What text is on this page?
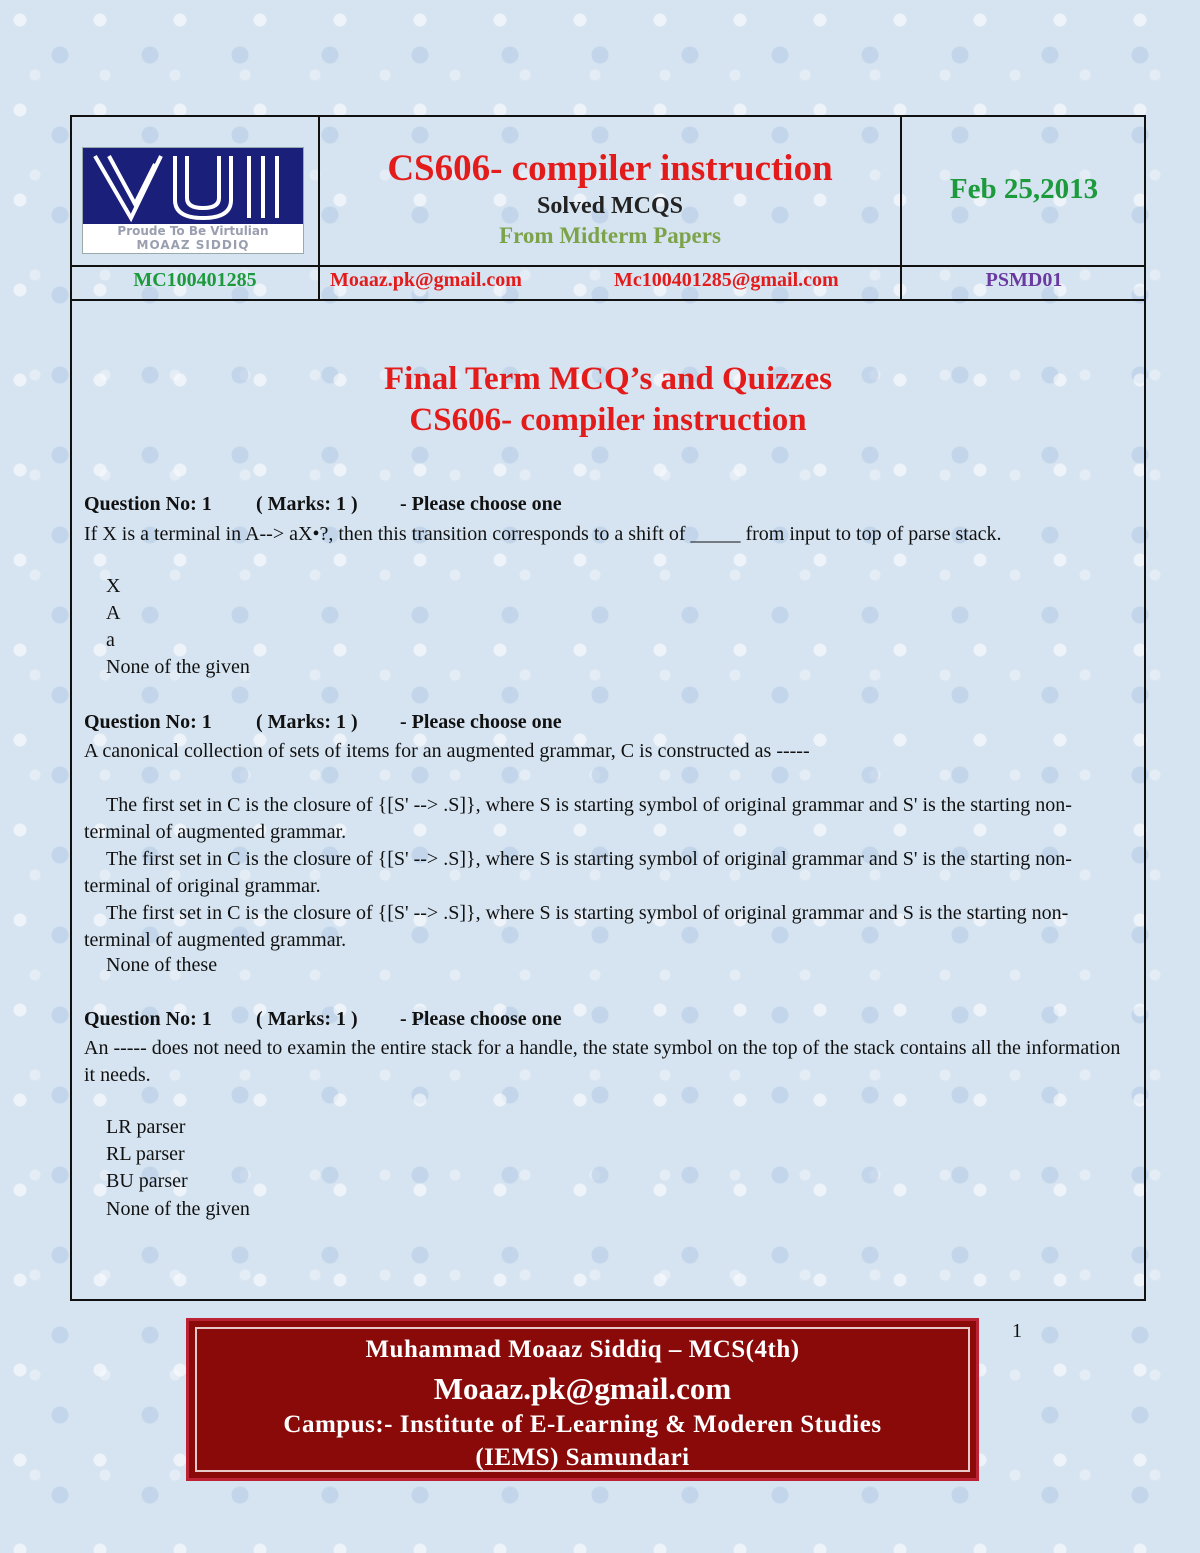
Proude To Be Virtulian
MOAAZ SIDDIQ
CS606- compiler instruction
Solved MCQS
From Midterm Papers
Feb 25,2013
MC100401285	Moaaz.pk@gmail.com	Mc100401285@gmail.com	PSMD01
Final Term MCQ’s and Quizzes
CS606- compiler instruction
Question No: 1 ( Marks: 1 ) - Please choose one
If X is a terminal in A--> aX•?, then this transition corresponds to a shift of _____ from input to top of parse stack.
X
A
a
None of the given
Question No: 1 ( Marks: 1 ) - Please choose one
A canonical collection of sets of items for an augmented grammar, C is constructed as -----
The first set in C is the closure of {[S' --> .S]}, where S is starting symbol of original grammar and S' is the starting non-terminal of augmented grammar.
The first set in C is the closure of {[S' --> .S]}, where S is starting symbol of original grammar and S' is the starting non-terminal of original grammar.
The first set in C is the closure of {[S' --> .S]}, where S is starting symbol of original grammar and S is the starting non-terminal of augmented grammar.
None of these
Question No: 1 ( Marks: 1 ) - Please choose one
An ----- does not need to examin the entire stack for a handle, the state symbol on the top of the stack contains all the information it needs.
LR parser
RL parser
BU parser
None of the given
1
Muhammad Moaaz Siddiq – MCS(4th)
Moaaz.pk@gmail.com
Campus:- Institute of E-Learning & Moderen Studies
(IEMS) Samundari
